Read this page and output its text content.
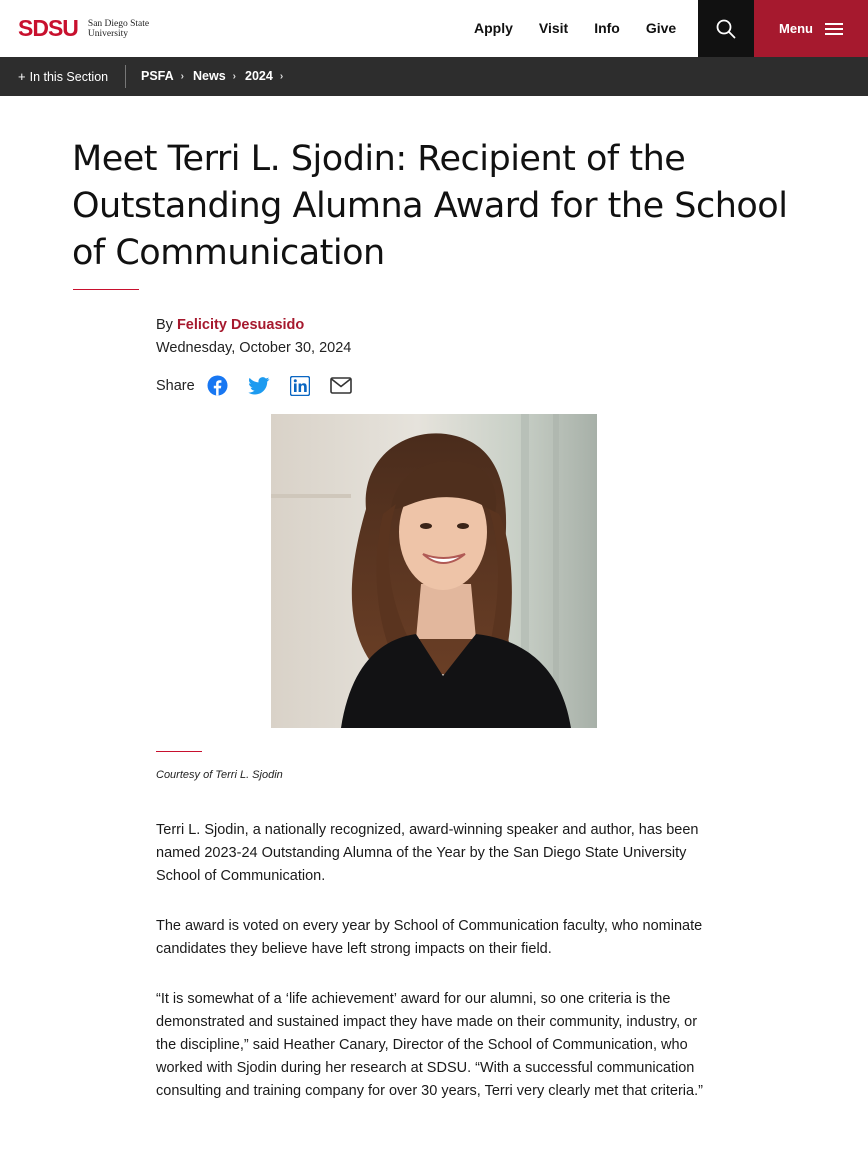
SDSU San Diego State
University	Apply Visit Info Give	Menu
+ In this Section	PSFA › News › 2024 ›
Meet Terri L. Sjodin: Recipient of the Outstanding Alumna Award for the School of Communication
By Felicity Desuasido
Wednesday, October 30, 2024
Share
Courtesy of Terri L. Sjodin

Terri L. Sjodin, a nationally recognized, award-winning speaker and author, has been named 2023-24 Outstanding Alumna of the Year by the San Diego State University School of Communication.

The award is voted on every year by School of Communication faculty, who nominate candidates they believe have left strong impacts on their field.

“It is somewhat of a ‘life achievement’ award for our alumni, so one criteria is the demonstrated and sustained impact they have made on their community, industry, or the discipline,” said Heather Canary, Director of the School of Communication, who worked with Sjodin during her research at SDSU. “With a successful communication consulting and training company for over 30 years, Terri very clearly met that criteria.”
